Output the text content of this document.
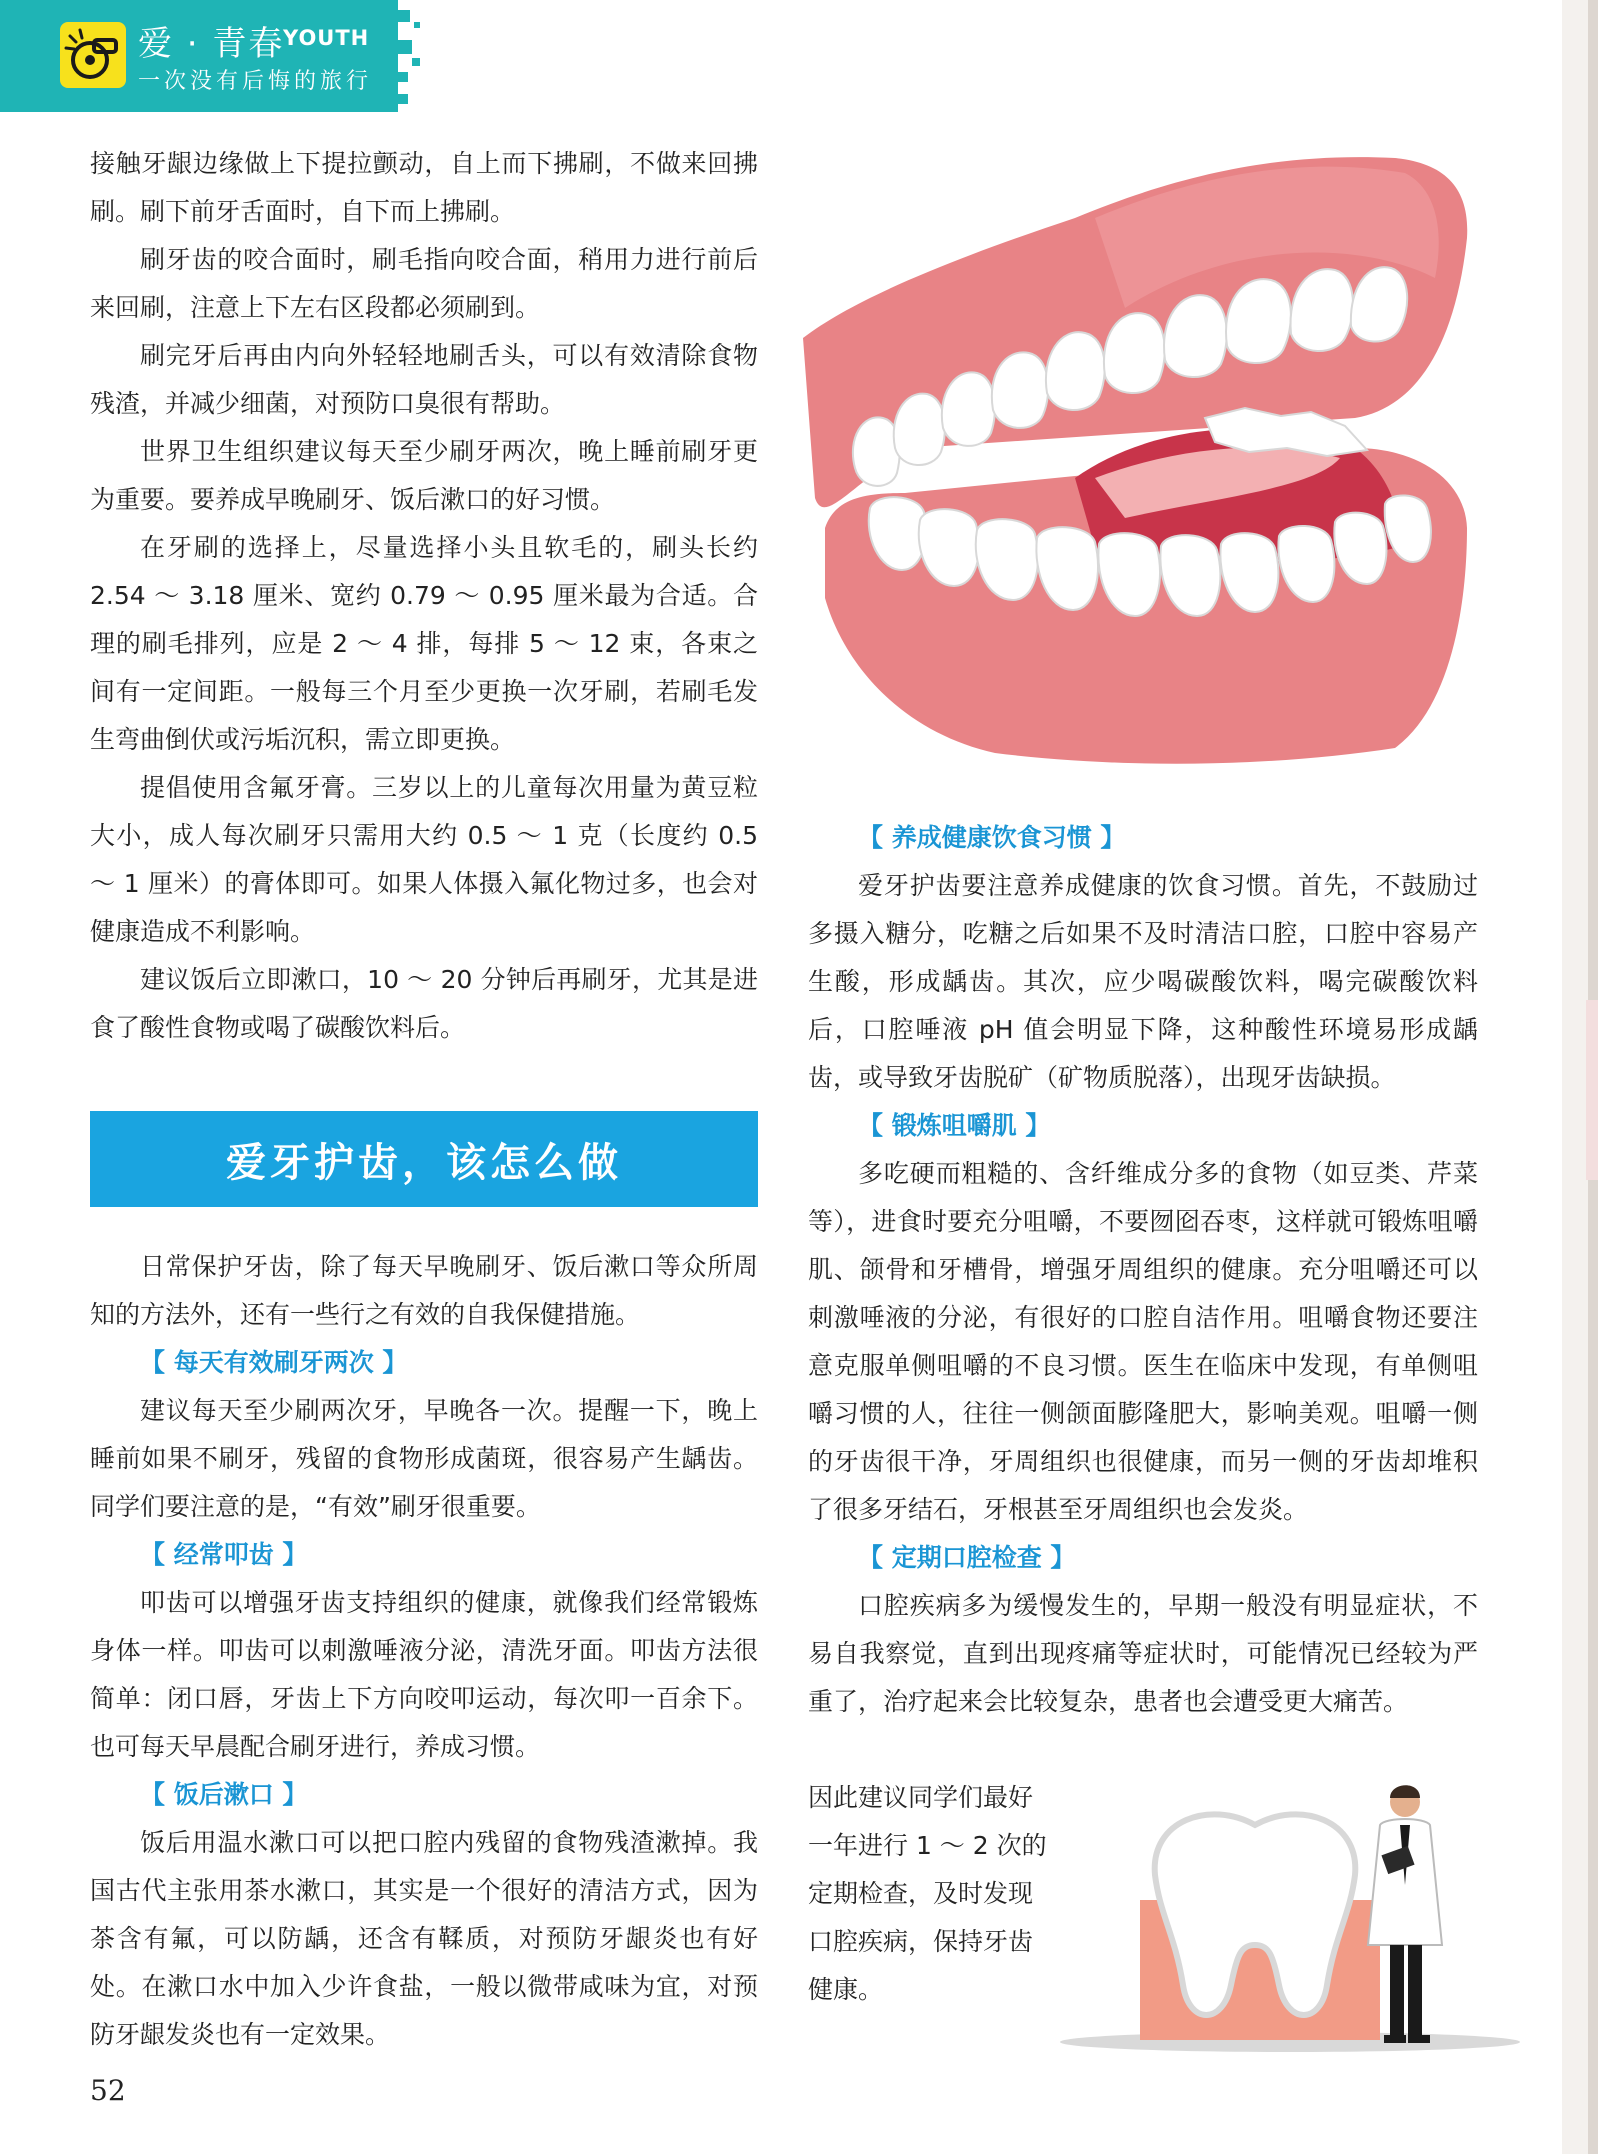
爱 · 青春
YOUTH
一次没有后悔的旅行

接触牙龈边缘做上下提拉颤动，自上而下拂刷，不做来回拂刷。刷下前牙舌面时，自下而上拂刷。

刷牙齿的咬合面时，刷毛指向咬合面，稍用力进行前后来回刷，注意上下左右区段都必须刷到。

刷完牙后再由内向外轻轻地刷舌头，可以有效清除食物残渣，并减少细菌，对预防口臭很有帮助。

世界卫生组织建议每天至少刷牙两次，晚上睡前刷牙更为重要。要养成早晚刷牙、饭后漱口的好习惯。

在牙刷的选择上，尽量选择小头且软毛的，刷头长约 2.54 ～ 3.18 厘米、宽约 0.79 ～ 0.95 厘米最为合适。合理的刷毛排列，应是 2 ～ 4 排，每排 5 ～ 12 束，各束之间有一定间距。一般每三个月至少更换一次牙刷，若刷毛发生弯曲倒伏或污垢沉积，需立即更换。

提倡使用含氟牙膏。三岁以上的儿童每次用量为黄豆粒大小，成人每次刷牙只需用大约 0.5 ～ 1 克（长度约 0.5 ～ 1 厘米）的膏体即可。如果人体摄入氟化物过多，也会对健康造成不利影响。

建议饭后立即漱口，10 ～ 20 分钟后再刷牙，尤其是进食了酸性食物或喝了碳酸饮料后。

爱牙护齿，该怎么做

日常保护牙齿，除了每天早晚刷牙、饭后漱口等众所周知的方法外，还有一些行之有效的自我保健措施。

【 每天有效刷牙两次 】

建议每天至少刷两次牙，早晚各一次。提醒一下，晚上睡前如果不刷牙，残留的食物形成菌斑，很容易产生龋齿。同学们要注意的是，“有效”刷牙很重要。

【 经常叩齿 】

叩齿可以增强牙齿支持组织的健康，就像我们经常锻炼身体一样。叩齿可以刺激唾液分泌，清洗牙面。叩齿方法很简单：闭口唇，牙齿上下方向咬叩运动，每次叩一百余下。也可每天早晨配合刷牙进行，养成习惯。

【 饭后漱口 】

饭后用温水漱口可以把口腔内残留的食物残渣漱掉。我国古代主张用茶水漱口，其实是一个很好的清洁方式，因为茶含有氟，可以防龋，还含有鞣质，对预防牙龈炎也有好处。在漱口水中加入少许食盐，一般以微带咸味为宜，对预防牙龈发炎也有一定效果。

【 养成健康饮食习惯 】

爱牙护齿要注意养成健康的饮食习惯。首先，不鼓励过多摄入糖分，吃糖之后如果不及时清洁口腔，口腔中容易产生酸，形成龋齿。其次，应少喝碳酸饮料，喝完碳酸饮料后，口腔唾液 pH 值会明显下降，这种酸性环境易形成龋齿，或导致牙齿脱矿（矿物质脱落），出现牙齿缺损。

【 锻炼咀嚼肌 】

多吃硬而粗糙的、含纤维成分多的食物（如豆类、芹菜等），进食时要充分咀嚼，不要囫囵吞枣，这样就可锻炼咀嚼肌、颌骨和牙槽骨，增强牙周组织的健康。充分咀嚼还可以刺激唾液的分泌，有很好的口腔自洁作用。咀嚼食物还要注意克服单侧咀嚼的不良习惯。医生在临床中发现，有单侧咀嚼习惯的人，往往一侧颌面膨隆肥大，影响美观。咀嚼一侧的牙齿很干净，牙周组织也很健康，而另一侧的牙齿却堆积了很多牙结石，牙根甚至牙周组织也会发炎。

【 定期口腔检查 】

口腔疾病多为缓慢发生的，早期一般没有明显症状，不易自我察觉，直到出现疼痛等症状时，可能情况已经较为严重了，治疗起来会比较复杂，患者也会遭受更大痛苦。

因此建议同学们最好

一年进行 1 ～ 2 次的

定期检查，及时发现

口腔疾病，保持牙齿

健康。

52
